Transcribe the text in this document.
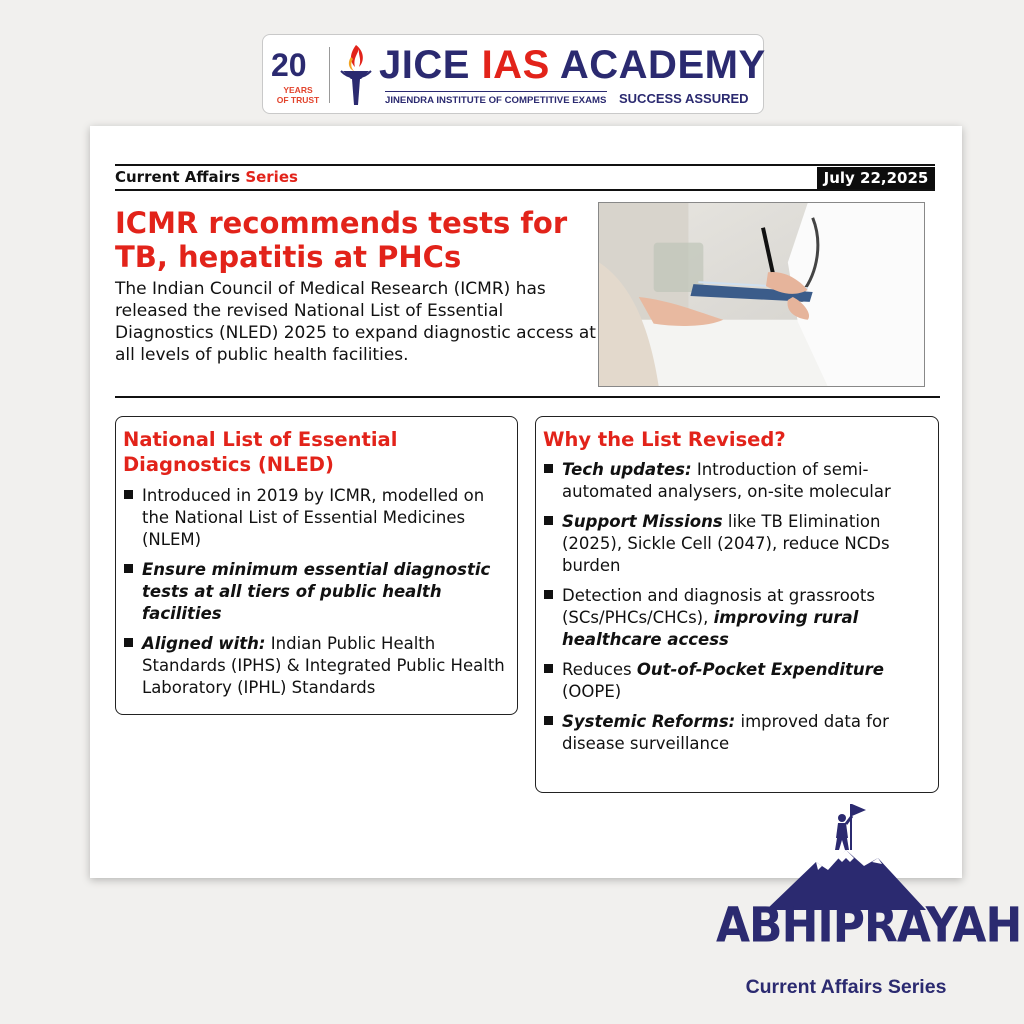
20
YEARS
OF TRUST
JICE IAS ACADEMY
JINENDRA INSTITUTE OF COMPETITIVE EXAMS SUCCESS ASSURED
Current Affairs Series	July 22,2025
ICMR recommends tests for TB, hepatitis at PHCs
The Indian Council of Medical Research (ICMR) has released the revised National List of Essential Diagnostics (NLED) 2025 to expand diagnostic access at all levels of public health facilities.
National List of Essential Diagnostics (NLED)
Introduced in 2019 by ICMR, modelled on the National List of Essential Medicines (NLEM)
Ensure minimum essential diagnostic tests at all tiers of public health facilities
Aligned with: Indian Public Health Standards (IPHS) & Integrated Public Health Laboratory (IPHL) Standards
Why the List Revised?
Tech updates: Introduction of semi-automated analysers, on-site molecular
Support Missions like TB Elimination (2025), Sickle Cell (2047), reduce NCDs burden
Detection and diagnosis at grassroots (SCs/PHCs/CHCs), improving rural healthcare access
Reduces Out-of-Pocket Expenditure (OOPE)
Systemic Reforms: improved data for disease surveillance
ABHIPRAYAH
Current Affairs Series
